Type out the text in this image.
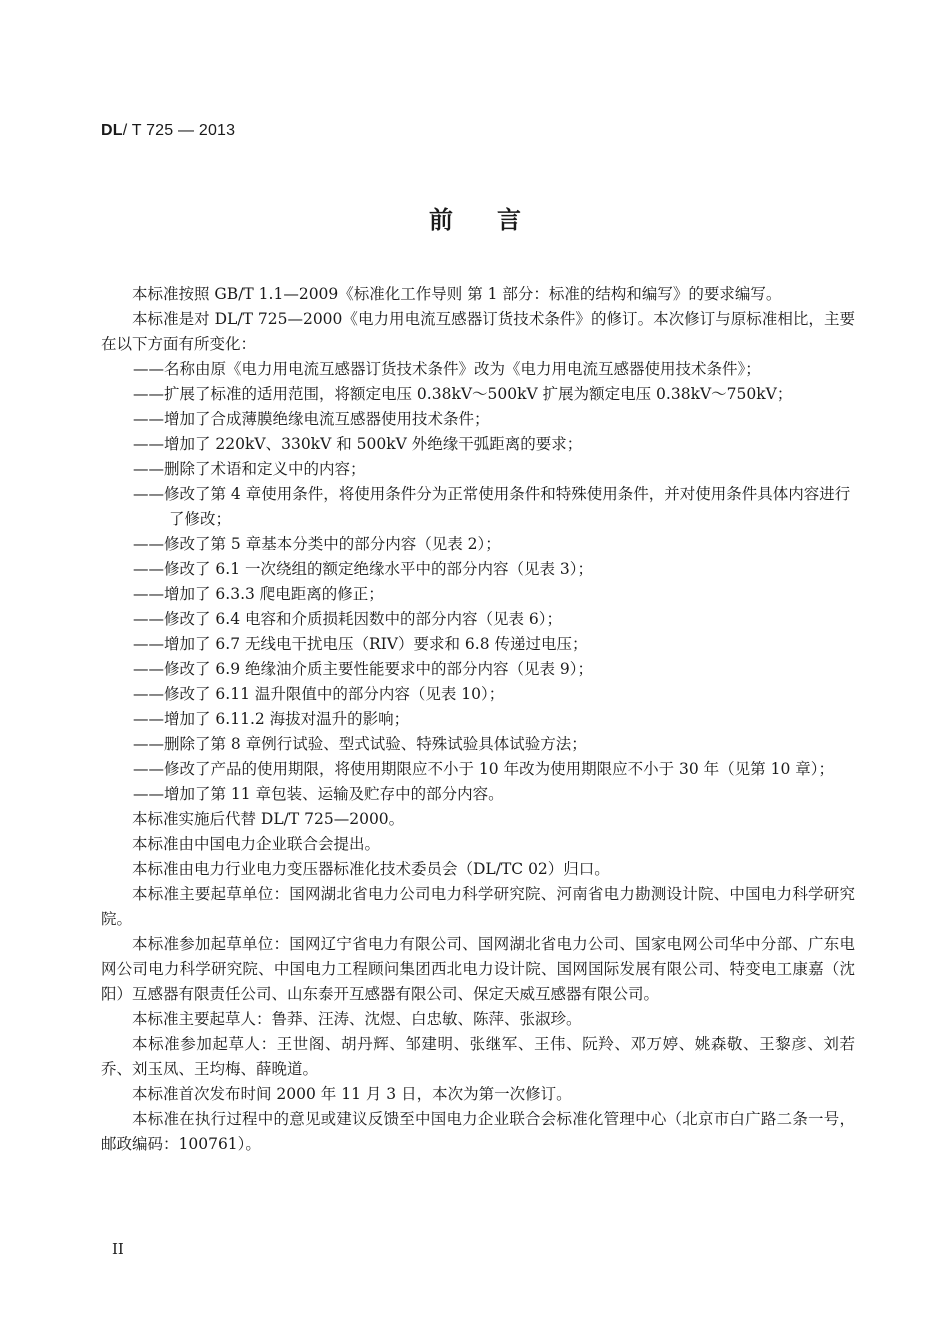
DL/ T 725 — 2013
前言

本标准按照 GB/T 1.1—2009《标准化工作导则 第 1 部分：标准的结构和编写》的要求编写。

本标准是对 DL/T 725—2000《电力用电流互感器订货技术条件》的修订。本次修订与原标准相比，主要在以下方面有所变化：

——名称由原《电力用电流互感器订货技术条件》改为《电力用电流互感器使用技术条件》；

——扩展了标准的适用范围，将额定电压 0.38kV～500kV 扩展为额定电压 0.38kV～750kV；

——增加了合成薄膜绝缘电流互感器使用技术条件；

——增加了 220kV、330kV 和 500kV 外绝缘干弧距离的要求；

——删除了术语和定义中的内容；

——修改了第 4 章使用条件，将使用条件分为正常使用条件和特殊使用条件，并对使用条件具体内容进行了修改；

——修改了第 5 章基本分类中的部分内容（见表 2）；

——修改了 6.1 一次绕组的额定绝缘水平中的部分内容（见表 3）；

——增加了 6.3.3 爬电距离的修正；

——修改了 6.4 电容和介质损耗因数中的部分内容（见表 6）；

——增加了 6.7 无线电干扰电压（RIV）要求和 6.8 传递过电压；

——修改了 6.9 绝缘油介质主要性能要求中的部分内容（见表 9）；

——修改了 6.11 温升限值中的部分内容（见表 10）；

——增加了 6.11.2 海拔对温升的影响；

——删除了第 8 章例行试验、型式试验、特殊试验具体试验方法；

——修改了产品的使用期限，将使用期限应不小于 10 年改为使用期限应不小于 30 年（见第 10 章）；

——增加了第 11 章包装、运输及贮存中的部分内容。

本标准实施后代替 DL/T 725—2000。

本标准由中国电力企业联合会提出。

本标准由电力行业电力变压器标准化技术委员会（DL/TC 02）归口。

本标准主要起草单位：国网湖北省电力公司电力科学研究院、河南省电力勘测设计院、中国电力科学研究院。

本标准参加起草单位：国网辽宁省电力有限公司、国网湖北省电力公司、国家电网公司华中分部、广东电网公司电力科学研究院、中国电力工程顾问集团西北电力设计院、国网国际发展有限公司、特变电工康嘉（沈阳）互感器有限责任公司、山东泰开互感器有限公司、保定天威互感器有限公司。

本标准主要起草人：鲁莽、汪涛、沈煜、白忠敏、陈萍、张淑珍。

本标准参加起草人：王世阁、胡丹辉、邹建明、张继军、王伟、阮羚、邓万婷、姚森敬、王黎彦、刘若乔、刘玉凤、王均梅、薛晚道。

本标准首次发布时间 2000 年 11 月 3 日，本次为第一次修订。

本标准在执行过程中的意见或建议反馈至中国电力企业联合会标准化管理中心（北京市白广路二条一号，邮政编码：100761）。

II
